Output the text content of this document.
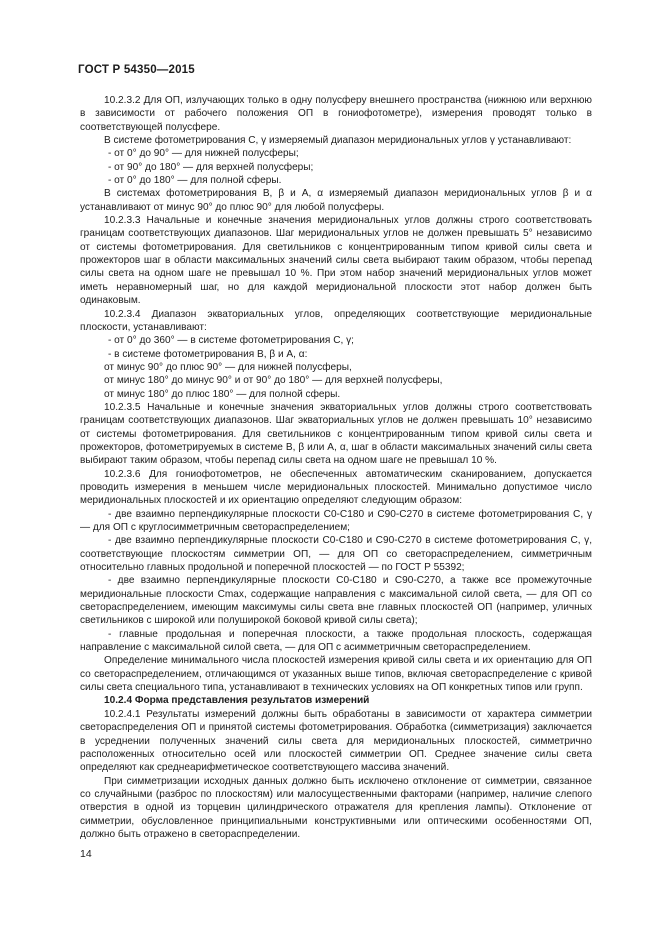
ГОСТ Р 54350—2015

10.2.3.2 Для ОП, излучающих только в одну полусферу внешнего пространства (нижнюю или верхнюю в зависимости от рабочего положения ОП в гониофотометре), измерения проводят только в соответствующей полусфере.

В системе фотометрирования C, γ измеряемый диапазон меридиональных углов γ устанавливают:

- от 0° до 90° — для нижней полусферы;

- от 90° до 180° — для верхней полусферы;

- от 0° до 180° — для полной сферы.

В системах фотометрирования B, β и A, α измеряемый диапазон меридиональных углов β и α устанавливают от минус 90° до плюс 90° для любой полусферы.

10.2.3.3 Начальные и конечные значения меридиональных углов должны строго соответствовать границам соответствующих диапазонов. Шаг меридиональных углов не должен превышать 5° независимо от системы фотометрирования. Для светильников с концентрированным типом кривой силы света и прожекторов шаг в области максимальных значений силы света выбирают таким образом, чтобы перепад силы света на одном шаге не превышал 10 %. При этом набор значений меридиональных углов может иметь неравномерный шаг, но для каждой меридиональной плоскости этот набор должен быть одинаковым.

10.2.3.4 Диапазон экваториальных углов, определяющих соответствующие меридиональные плоскости, устанавливают:

- от 0° до 360° — в системе фотометрирования C, γ;

- в системе фотометрирования B, β и A, α:

от минус 90° до плюс 90° — для нижней полусферы,

от минус 180° до минус 90° и от 90° до 180° — для верхней полусферы,

от минус 180° до плюс 180° — для полной сферы.

10.2.3.5 Начальные и конечные значения экваториальных углов должны строго соответствовать границам соответствующих диапазонов. Шаг экваториальных углов не должен превышать 10° независимо от системы фотометрирования. Для светильников с концентрированным типом кривой силы света и прожекторов, фотометрируемых в системе B, β или A, α, шаг в области максимальных значений силы света выбирают таким образом, чтобы перепад силы света на одном шаге не превышал 10 %.

10.2.3.6 Для гониофотометров, не обеспеченных автоматическим сканированием, допускается проводить измерения в меньшем числе меридиональных плоскостей. Минимально допустимое число меридиональных плоскостей и их ориентацию определяют следующим образом:

- две взаимно перпендикулярные плоскости C0-C180 и C90-C270 в системе фотометрирования C, γ — для ОП с круглосимметричным светораспределением;

- две взаимно перпендикулярные плоскости C0-C180 и C90-C270 в системе фотометрирования C, γ, соответствующие плоскостям симметрии ОП, — для ОП со светораспределением, симметричным относительно главных продольной и поперечной плоскостей — по ГОСТ Р 55392;

- две взаимно перпендикулярные плоскости C0-C180 и C90-C270, а также все промежуточные меридиональные плоскости Cmax, содержащие направления с максимальной силой света, — для ОП со светораспределением, имеющим максимумы силы света вне главных плоскостей ОП (например, уличных светильников с широкой или полуширокой боковой кривой силы света);

- главные продольная и поперечная плоскости, а также продольная плоскость, содержащая направление с максимальной силой света, — для ОП с асимметричным светораспределением.

Определение минимального числа плоскостей измерения кривой силы света и их ориентацию для ОП со светораспределением, отличающимся от указанных выше типов, включая светораспределение с кривой силы света специального типа, устанавливают в технических условиях на ОП конкретных типов или групп.

10.2.4 Форма представления результатов измерений

10.2.4.1 Результаты измерений должны быть обработаны в зависимости от характера симметрии светораспределения ОП и принятой системы фотометрирования. Обработка (симметризация) заключается в усреднении полученных значений силы света для меридиональных плоскостей, симметрично расположенных относительно осей или плоскостей симметрии ОП. Среднее значение силы света определяют как среднеарифметическое соответствующего массива значений.

При симметризации исходных данных должно быть исключено отклонение от симметрии, связанное со случайными (разброс по плоскостям) или малосущественными факторами (например, наличие слепого отверстия в одной из торцевин цилиндрического отражателя для крепления лампы). Отклонение от симметрии, обусловленное принципиальными конструктивными или оптическими особенностями ОП, должно быть отражено в светораспределении.

14
